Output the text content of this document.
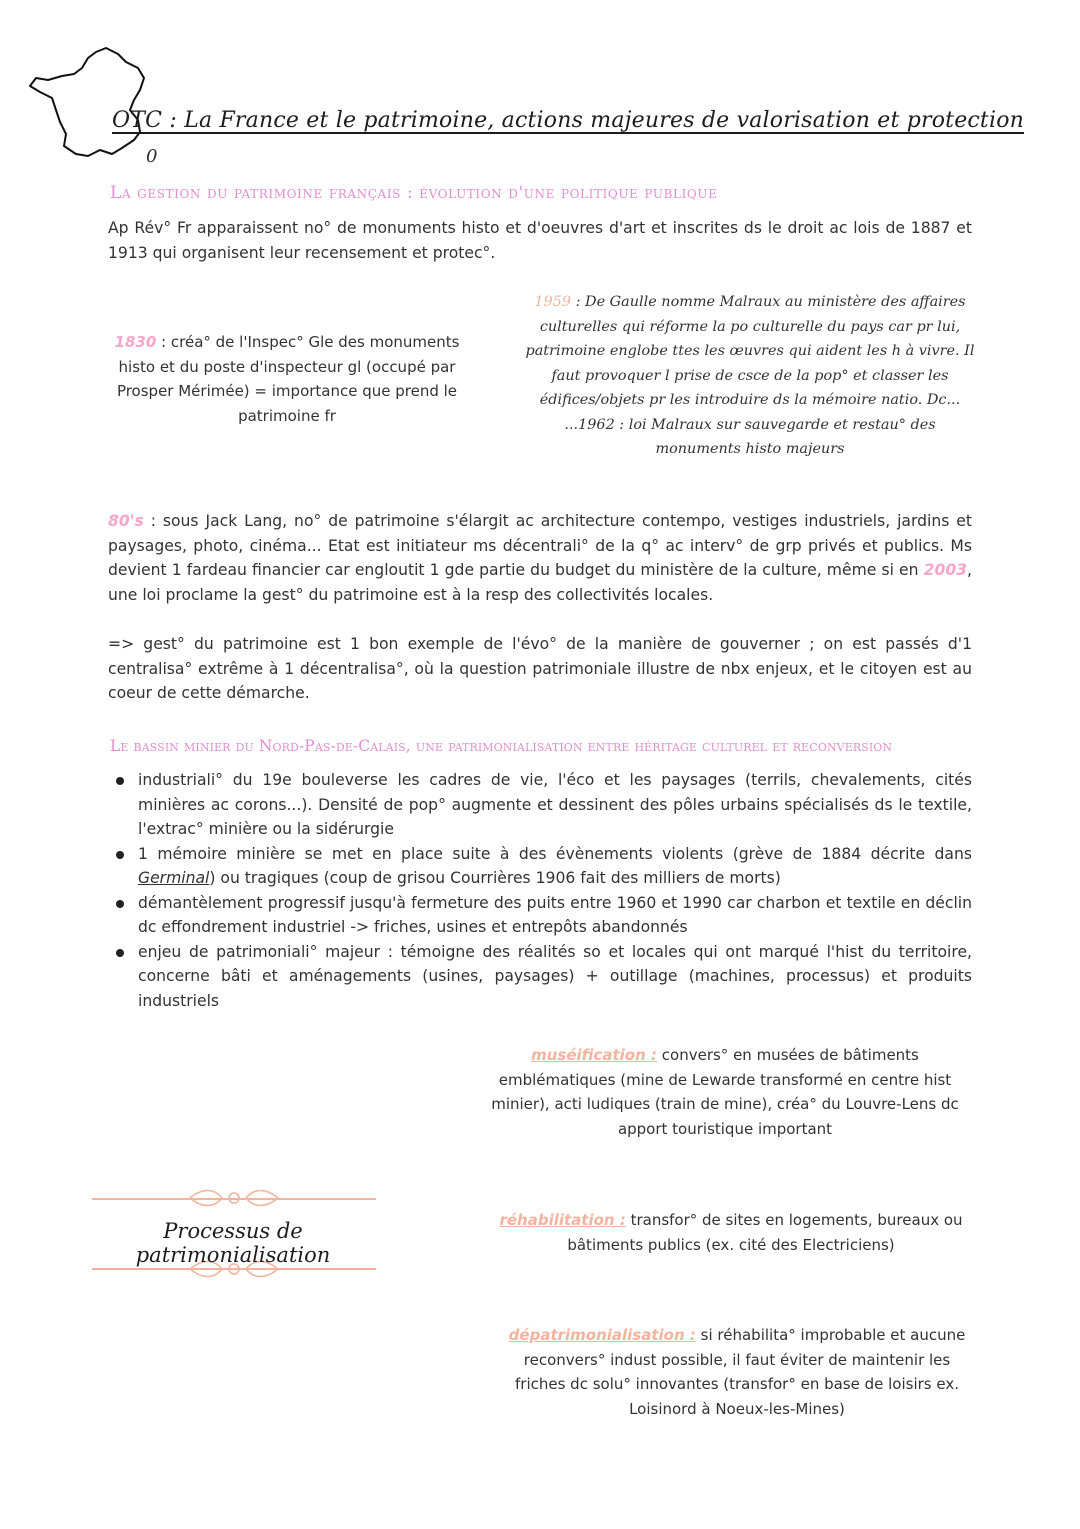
OTC : La France et le patrimoine, actions majeures de valorisation et protection
0
La gestion du patrimoine français : évolution d'une politique publique
Ap Rév° Fr apparaissent no° de monuments histo et d'oeuvres d'art et inscrites ds le droit ac lois de 1887 et 1913 qui organisent leur recensement et protec°.
1830 : créa° de l'Inspec° Gle des monuments histo et du poste d'inspecteur gl (occupé par Prosper Mérimée) = importance que prend le patrimoine fr
1959 : De Gaulle nomme Malraux au ministère des affaires culturelles qui réforme la po culturelle du pays car pr lui, patrimoine englobe ttes les œuvres qui aident les h à vivre. Il faut provoquer l prise de csce de la pop° et classer les édifices/objets pr les introduire ds la mémoire natio. Dc... ...1962 : loi Malraux sur sauvegarde et restau° des monuments histo majeurs
80's : sous Jack Lang, no° de patrimoine s'élargit ac architecture contempo, vestiges industriels, jardins et paysages, photo, cinéma... Etat est initiateur ms décentrali° de la q° ac interv° de grp privés et publics. Ms devient 1 fardeau financier car engloutit 1 gde partie du budget du ministère de la culture, même si en 2003, une loi proclame la gest° du patrimoine est à la resp des collectivités locales.
=> gest° du patrimoine est 1 bon exemple de l'évo° de la manière de gouverner ; on est passés d'1 centralisa° extrême à 1 décentralisa°, où la question patrimoniale illustre de nbx enjeux, et le citoyen est au coeur de cette démarche.
Le bassin minier du Nord-Pas-de-Calais, une patrimonialisation entre héritage culturel et reconversion
industriali° du 19e bouleverse les cadres de vie, l'éco et les paysages (terrils, chevalements, cités minières ac corons...). Densité de pop° augmente et dessinent des pôles urbains spécialisés ds le textile, l'extrac° minière ou la sidérurgie
1 mémoire minière se met en place suite à des évènements violents (grève de 1884 décrite dans Germinal) ou tragiques (coup de grisou Courrières 1906 fait des milliers de morts)
démantèlement progressif jusqu'à fermeture des puits entre 1960 et 1990 car charbon et textile en déclin dc effondrement industriel -> friches, usines et entrepôts abandonnés
enjeu de patrimoniali° majeur : témoigne des réalités so et locales qui ont marqué l'hist du territoire, concerne bâti et aménagements (usines, paysages) + outillage (machines, processus) et produits industriels
muséification : convers° en musées de bâtiments emblématiques (mine de Lewarde transformé en centre hist minier), acti ludiques (train de mine), créa° du Louvre-Lens dc apport touristique important
réhabilitation : transfor° de sites en logements, bureaux ou bâtiments publics (ex. cité des Electriciens)
dépatrimonialisation : si réhabilita° improbable et aucune reconvers° indust possible, il faut éviter de maintenir les friches dc solu° innovantes (transfor° en base de loisirs ex. Loisinord à Noeux-les-Mines)
Processus de patrimonialisation
